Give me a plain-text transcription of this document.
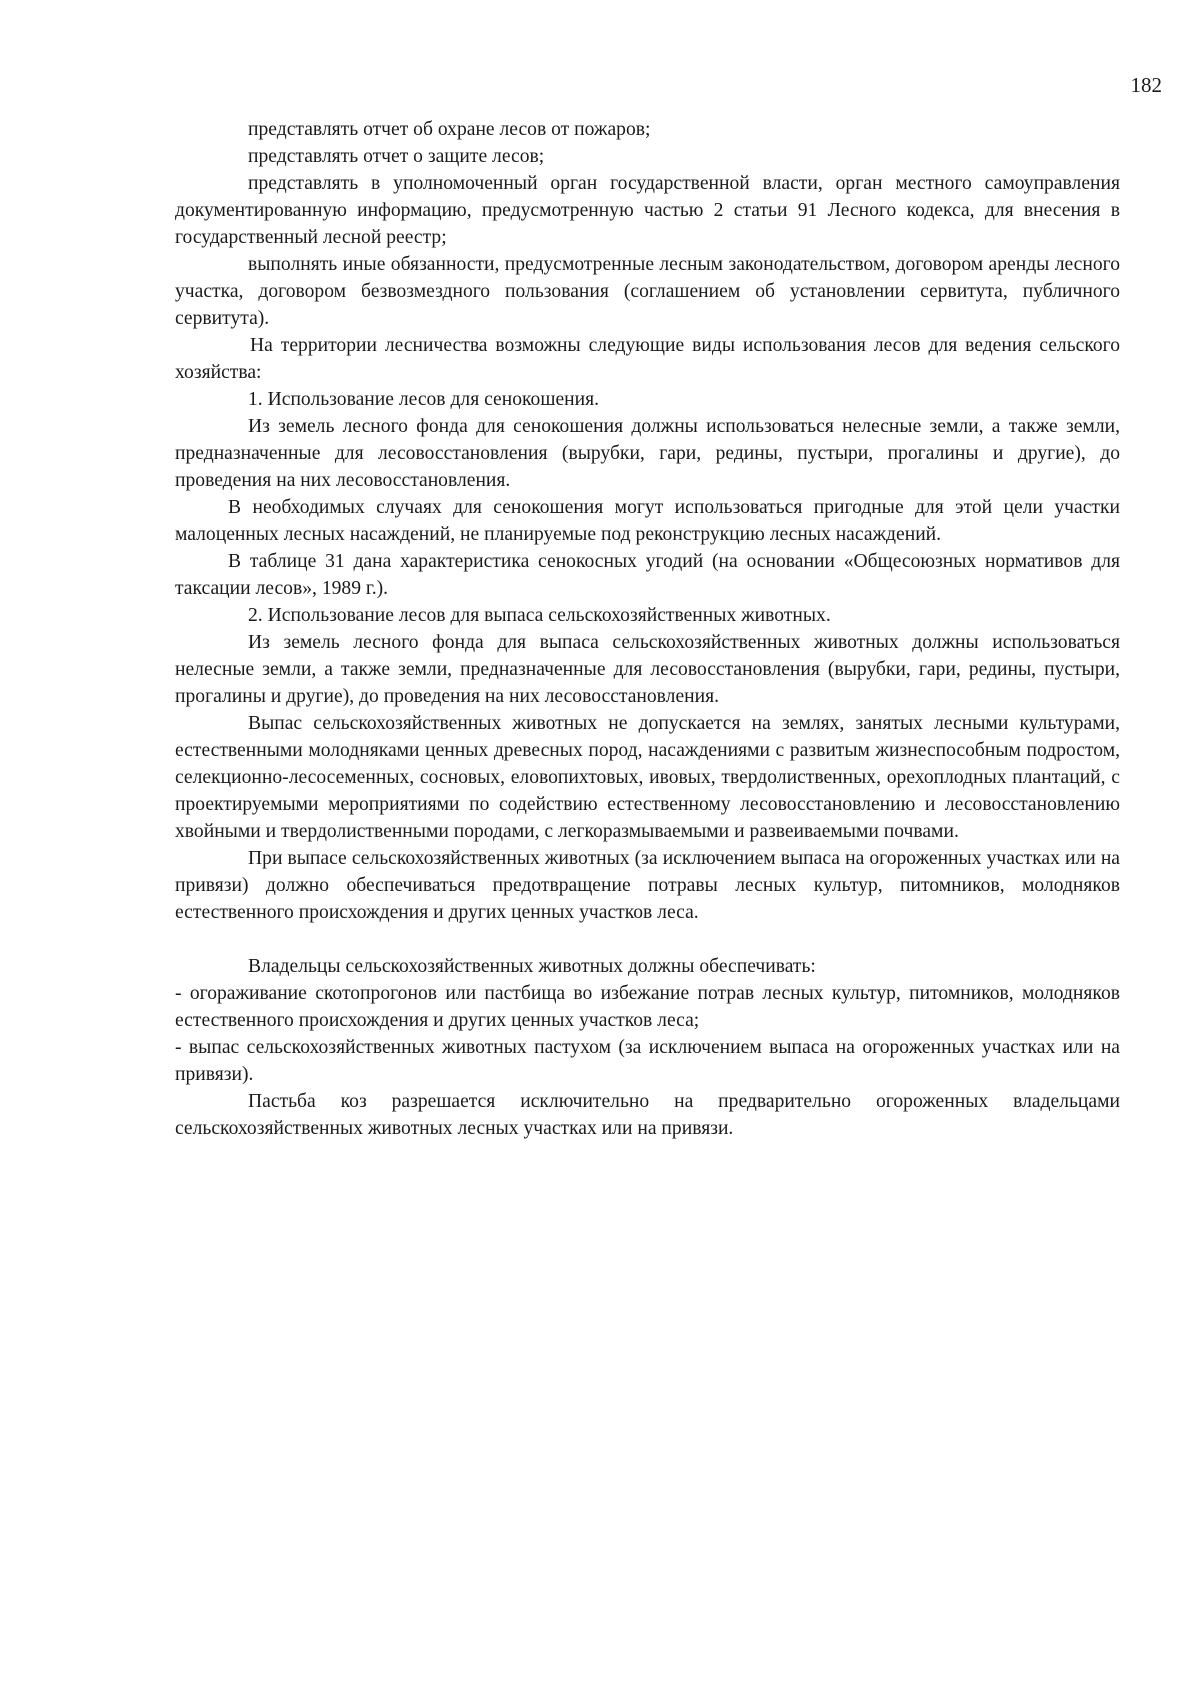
182

представлять отчет об охране лесов от пожаров;

представлять отчет о защите лесов;

представлять в уполномоченный орган государственной власти, орган местного самоуправления документированную информацию, предусмотренную частью 2 статьи 91 Лесного кодекса, для внесения в государственный лесной реестр;

выполнять иные обязанности, предусмотренные лесным законодательством, договором аренды лесного участка, договором безвозмездного пользования (соглашением об установлении сервитута, публичного сервитута).

На территории лесничества возможны следующие виды использования лесов для ведения сельского хозяйства:

1. Использование лесов для сенокошения.

Из земель лесного фонда для сенокошения должны использоваться нелесные земли, а также земли, предназначенные для лесовосстановления (вырубки, гари, редины, пустыри, прогалины и другие), до проведения на них лесовосстановления.

В необходимых случаях для сенокошения могут использоваться пригодные для этой цели участки малоценных лесных насаждений, не планируемые под реконструкцию лесных насаждений.

В таблице 31 дана характеристика сенокосных угодий (на основании «Общесоюзных нормативов для таксации лесов», 1989 г.).

2. Использование лесов для выпаса сельскохозяйственных животных.

Из земель лесного фонда для выпаса сельскохозяйственных животных должны использоваться нелесные земли, а также земли, предназначенные для лесовосстановления (вырубки, гари, редины, пустыри, прогалины и другие), до проведения на них лесовосстановления.

Выпас сельскохозяйственных животных не допускается на землях, занятых лесными культурами, естественными молодняками ценных древесных пород, насаждениями с развитым жизнеспособным подростом, селекционно-лесосеменных, сосновых, еловопихтовых, ивовых, твердолиственных, орехоплодных плантаций, с проектируемыми мероприятиями по содействию естественному лесовосстановлению и лесовосстановлению хвойными и твердолиственными породами, с легкоразмываемыми и развеиваемыми почвами.

При выпасе сельскохозяйственных животных (за исключением выпаса на огороженных участках или на привязи) должно обеспечиваться предотвращение потравы лесных культур, питомников, молодняков естественного происхождения и других ценных участков леса.

Владельцы сельскохозяйственных животных должны обеспечивать:

- огораживание скотопрогонов или пастбища во избежание потрав лесных культур, питомников, молодняков естественного происхождения и других ценных участков леса;

- выпас сельскохозяйственных животных пастухом (за исключением выпаса на огороженных участках или на привязи).

Пастьба коз разрешается исключительно на предварительно огороженных владельцами сельскохозяйственных животных лесных участках или на привязи.
